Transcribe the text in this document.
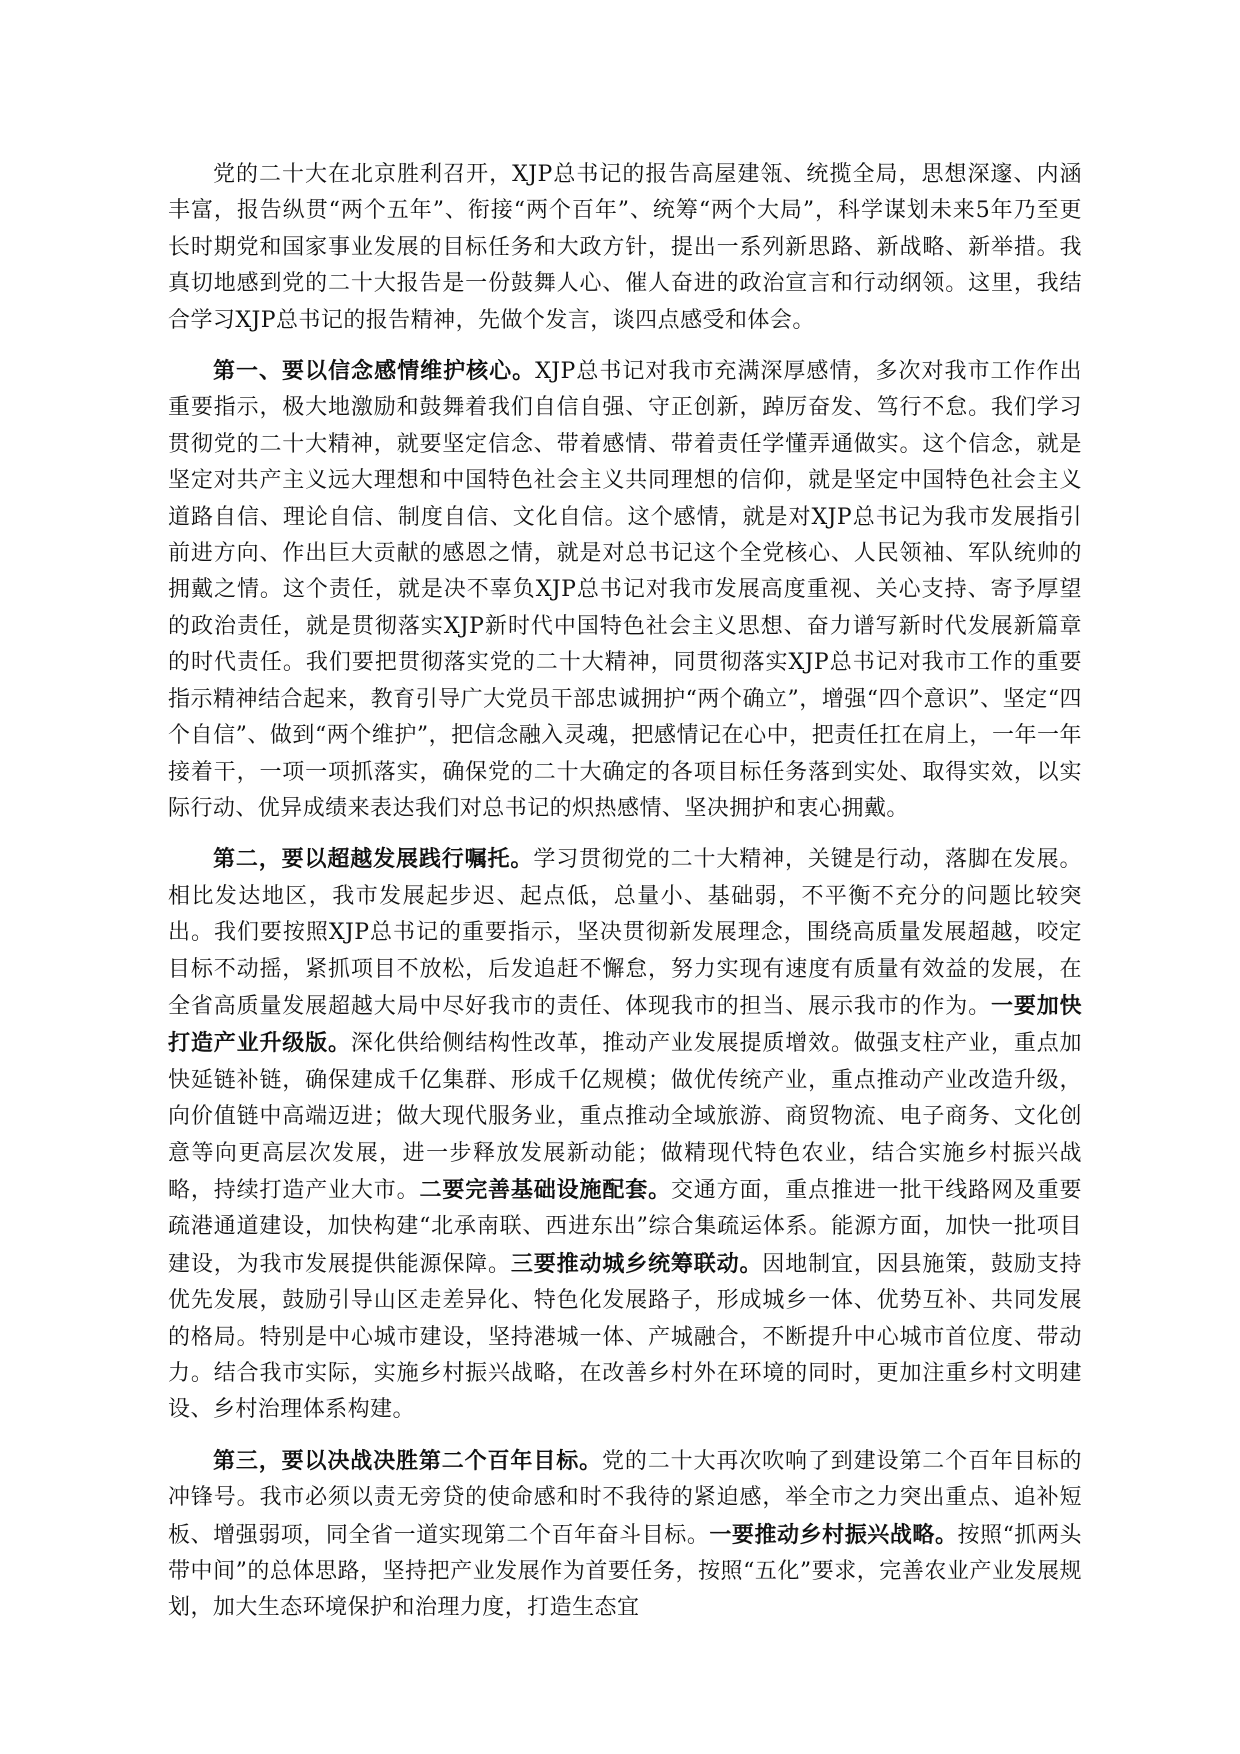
党的二十大在北京胜利召开，XJP总书记的报告高屋建瓴、统揽全局，思想深邃、内涵丰富，报告纵贯“两个五年”、衔接“两个百年”、统筹“两个大局”，科学谋划未来5年乃至更长时期党和国家事业发展的目标任务和大政方针，提出一系列新思路、新战略、新举措。我真切地感到党的二十大报告是一份鼓舞人心、催人奋进的政治宣言和行动纲领。这里，我结合学习XJP总书记的报告精神，先做个发言，谈四点感受和体会。

第一、要以信念感情维护核心。XJP总书记对我市充满深厚感情，多次对我市工作作出重要指示，极大地激励和鼓舞着我们自信自强、守正创新，踔厉奋发、笃行不怠。我们学习贯彻党的二十大精神，就要坚定信念、带着感情、带着责任学懂弄通做实。这个信念，就是坚定对共产主义远大理想和中国特色社会主义共同理想的信仰，就是坚定中国特色社会主义道路自信、理论自信、制度自信、文化自信。这个感情，就是对XJP总书记为我市发展指引前进方向、作出巨大贡献的感恩之情，就是对总书记这个全党核心、人民领袖、军队统帅的拥戴之情。这个责任，就是决不辜负XJP总书记对我市发展高度重视、关心支持、寄予厚望的政治责任，就是贯彻落实XJP新时代中国特色社会主义思想、奋力谱写新时代发展新篇章的时代责任。我们要把贯彻落实党的二十大精神，同贯彻落实XJP总书记对我市工作的重要指示精神结合起来，教育引导广大党员干部忠诚拥护“两个确立”，增强“四个意识”、坚定“四个自信”、做到“两个维护”，把信念融入灵魂，把感情记在心中，把责任扛在肩上，一年一年接着干，一项一项抓落实，确保党的二十大确定的各项目标任务落到实处、取得实效，以实际行动、优异成绩来表达我们对总书记的炽热感情、坚决拥护和衷心拥戴。

第二，要以超越发展践行嘱托。学习贯彻党的二十大精神，关键是行动，落脚在发展。相比发达地区，我市发展起步迟、起点低，总量小、基础弱，不平衡不充分的问题比较突出。我们要按照XJP总书记的重要指示，坚决贯彻新发展理念，围绕高质量发展超越，咬定目标不动摇，紧抓项目不放松，后发追赶不懈怠，努力实现有速度有质量有效益的发展，在全省高质量发展超越大局中尽好我市的责任、体现我市的担当、展示我市的作为。一要加快打造产业升级版。深化供给侧结构性改革，推动产业发展提质增效。做强支柱产业，重点加快延链补链，确保建成千亿集群、形成千亿规模；做优传统产业，重点推动产业改造升级，向价值链中高端迈进；做大现代服务业，重点推动全域旅游、商贸物流、电子商务、文化创意等向更高层次发展，进一步释放发展新动能；做精现代特色农业，结合实施乡村振兴战略，持续打造产业大市。二要完善基础设施配套。交通方面，重点推进一批干线路网及重要疏港通道建设，加快构建“北承南联、西进东出”综合集疏运体系。能源方面，加快一批项目建设，为我市发展提供能源保障。三要推动城乡统筹联动。因地制宜，因县施策，鼓励支持优先发展，鼓励引导山区走差异化、特色化发展路子，形成城乡一体、优势互补、共同发展的格局。特别是中心城市建设，坚持港城一体、产城融合，不断提升中心城市首位度、带动力。结合我市实际，实施乡村振兴战略，在改善乡村外在环境的同时，更加注重乡村文明建设、乡村治理体系构建。

第三，要以决战决胜第二个百年目标。党的二十大再次吹响了到建设第二个百年目标的冲锋号。我市必须以责无旁贷的使命感和时不我待的紧迫感，举全市之力突出重点、追补短板、增强弱项，同全省一道实现第二个百年奋斗目标。一要推动乡村振兴战略。按照“抓两头带中间”的总体思路，坚持把产业发展作为首要任务，按照“五化”要求，完善农业产业发展规划，加大生态环境保护和治理力度，打造生态宜
